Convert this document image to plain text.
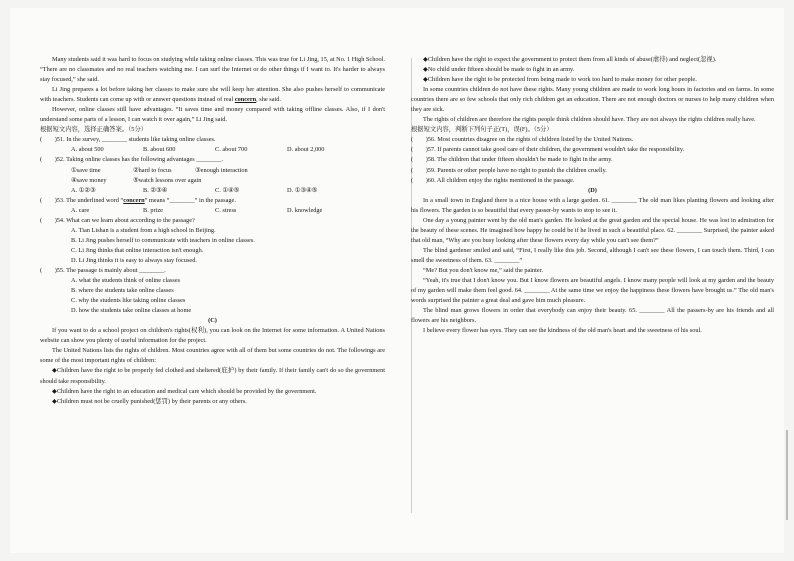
Many students said it was hard to focus on studying while taking online classes. This was true for Li Jing, 15, at No. 1 High School. “There are no classmates and no real teachers watching me. I can surf the Internet or do other things if I want to. It's harder to always stay focused,” she said.

Li Jing prepares a lot before taking her classes to make sure she will keep her attention. She also pushes herself to communicate with teachers. Students can come up with or answer questions instead of real concern, she said.

However, online classes still have advantages. “It saves time and money compared with taking offline classes. Also, if I don't understand some parts of a lesson, I can watch it over again,” Li Jing said.

根据短文内容，选择正确答案。（5分）

(　　)51. In the survey, ________ students like taking online classes.

A. about 500	B. about 600	C. about 700	D. about 2,000

(　　)52. Taking online classes has the following advantages ________.

①save time	②hard to focus	③enough interaction
④save money	⑤watch lessons over again
A. ①②③	B. ②③④	C. ①④⑤	D. ①③④⑤

(　　)53. The underlined word “concern” means “________” in the passage.

A. care	B. prize	C. stress	D. knowledge

(　　)54. What can we learn about according to the passage?

A. Tian Lishan is a student from a high school in Beijing.

B. Li Jing pushes herself to communicate with teachers in online classes.

C. Li Jing thinks that online interaction isn't enough.

D. Li Jing thinks it is easy to always stay focused.

(　　)55. The passage is mainly about ________.

A. what the students think of online classes

B. where the students take online classes

C. why the students like taking online classes

D. how the students take online classes at home

(C)

If you want to do a school project on children's rights(权利), you can look on the Internet for some information. A United Nations website can show you plenty of useful information for the project.

The United Nations lists the rights of children. Most countries agree with all of them but some countries do not. The followings are some of the most important rights of children:

◆Children have the right to be properly fed clothed and sheltered(庇护) by their family. If their family can't do so the government should take responsibility.

◆Children have the right to an education and medical care which should be provided by the government.

◆Children must not be cruelly punished(惩罚) by their parents or any others.

◆Children have the right to expect the government to protect them from all kinds of abuse(虐待) and neglect(忽视).

◆No child under fifteen should be made to fight in an army.

◆Children have the right to be protected from being made to work too hard to make money for other people.

In some countries children do not have these rights. Many young children are made to work long hours in factories and on farms. In some countries there are so few schools that only rich children get an education. There are not enough doctors or nurses to help many children when they are sick.

The rights of children are therefore the rights people think children should have. They are not always the rights children really have.

根据短文内容，判断下列句子正(T)，误(F)。（5分）

(　　)56. Most countries disagree on the rights of children listed by the United Nations.

(　　)57. If parents cannot take good care of their children, the government wouldn't take the responsibility.

(　　)58. The children that under fifteen shouldn't be made to fight in the army.

(　　)59. Parents or other people have no right to punish the children cruelly.

(　　)60. All children enjoy the rights mentioned in the passage.

(D)

In a small town in England there is a nice house with a large garden. 61. ________ The old man likes planting flowers and looking after his flowers. The garden is so beautiful that every passer-by wants to stop to see it.

One day a young painter went by the old man's garden. He looked at the great garden and the special house. He was lost in admiration for the beauty of these scenes. He imagined how happy he could be if he lived in such a beautiful place. 62. ________ Surprised, the painter asked that old man, “Why are you busy looking after these flowers every day while you can't see them?”

The blind gardener smiled and said, “First, I really like this job. Second, although I can't see these flowers, I can touch them. Third, I can smell the sweetness of them. 63. ________”

“Me? But you don't know me,” said the painter.

“Yeah, it's true that I don't know you. But I know flowers are beautiful angels. I know many people will look at my garden and the beauty of my garden will make them feel good. 64. ________ At the same time we enjoy the happiness these flowers have brought us.” The old man's words surprised the painter a great deal and gave him much pleasure.

The blind man grows flowers in order that everybody can enjoy their beauty. 65. ________ All the passers-by are his friends and all flowers are his neighbors.

I believe every flower has eyes. They can see the kindness of the old man's heart and the sweetness of his soul.
